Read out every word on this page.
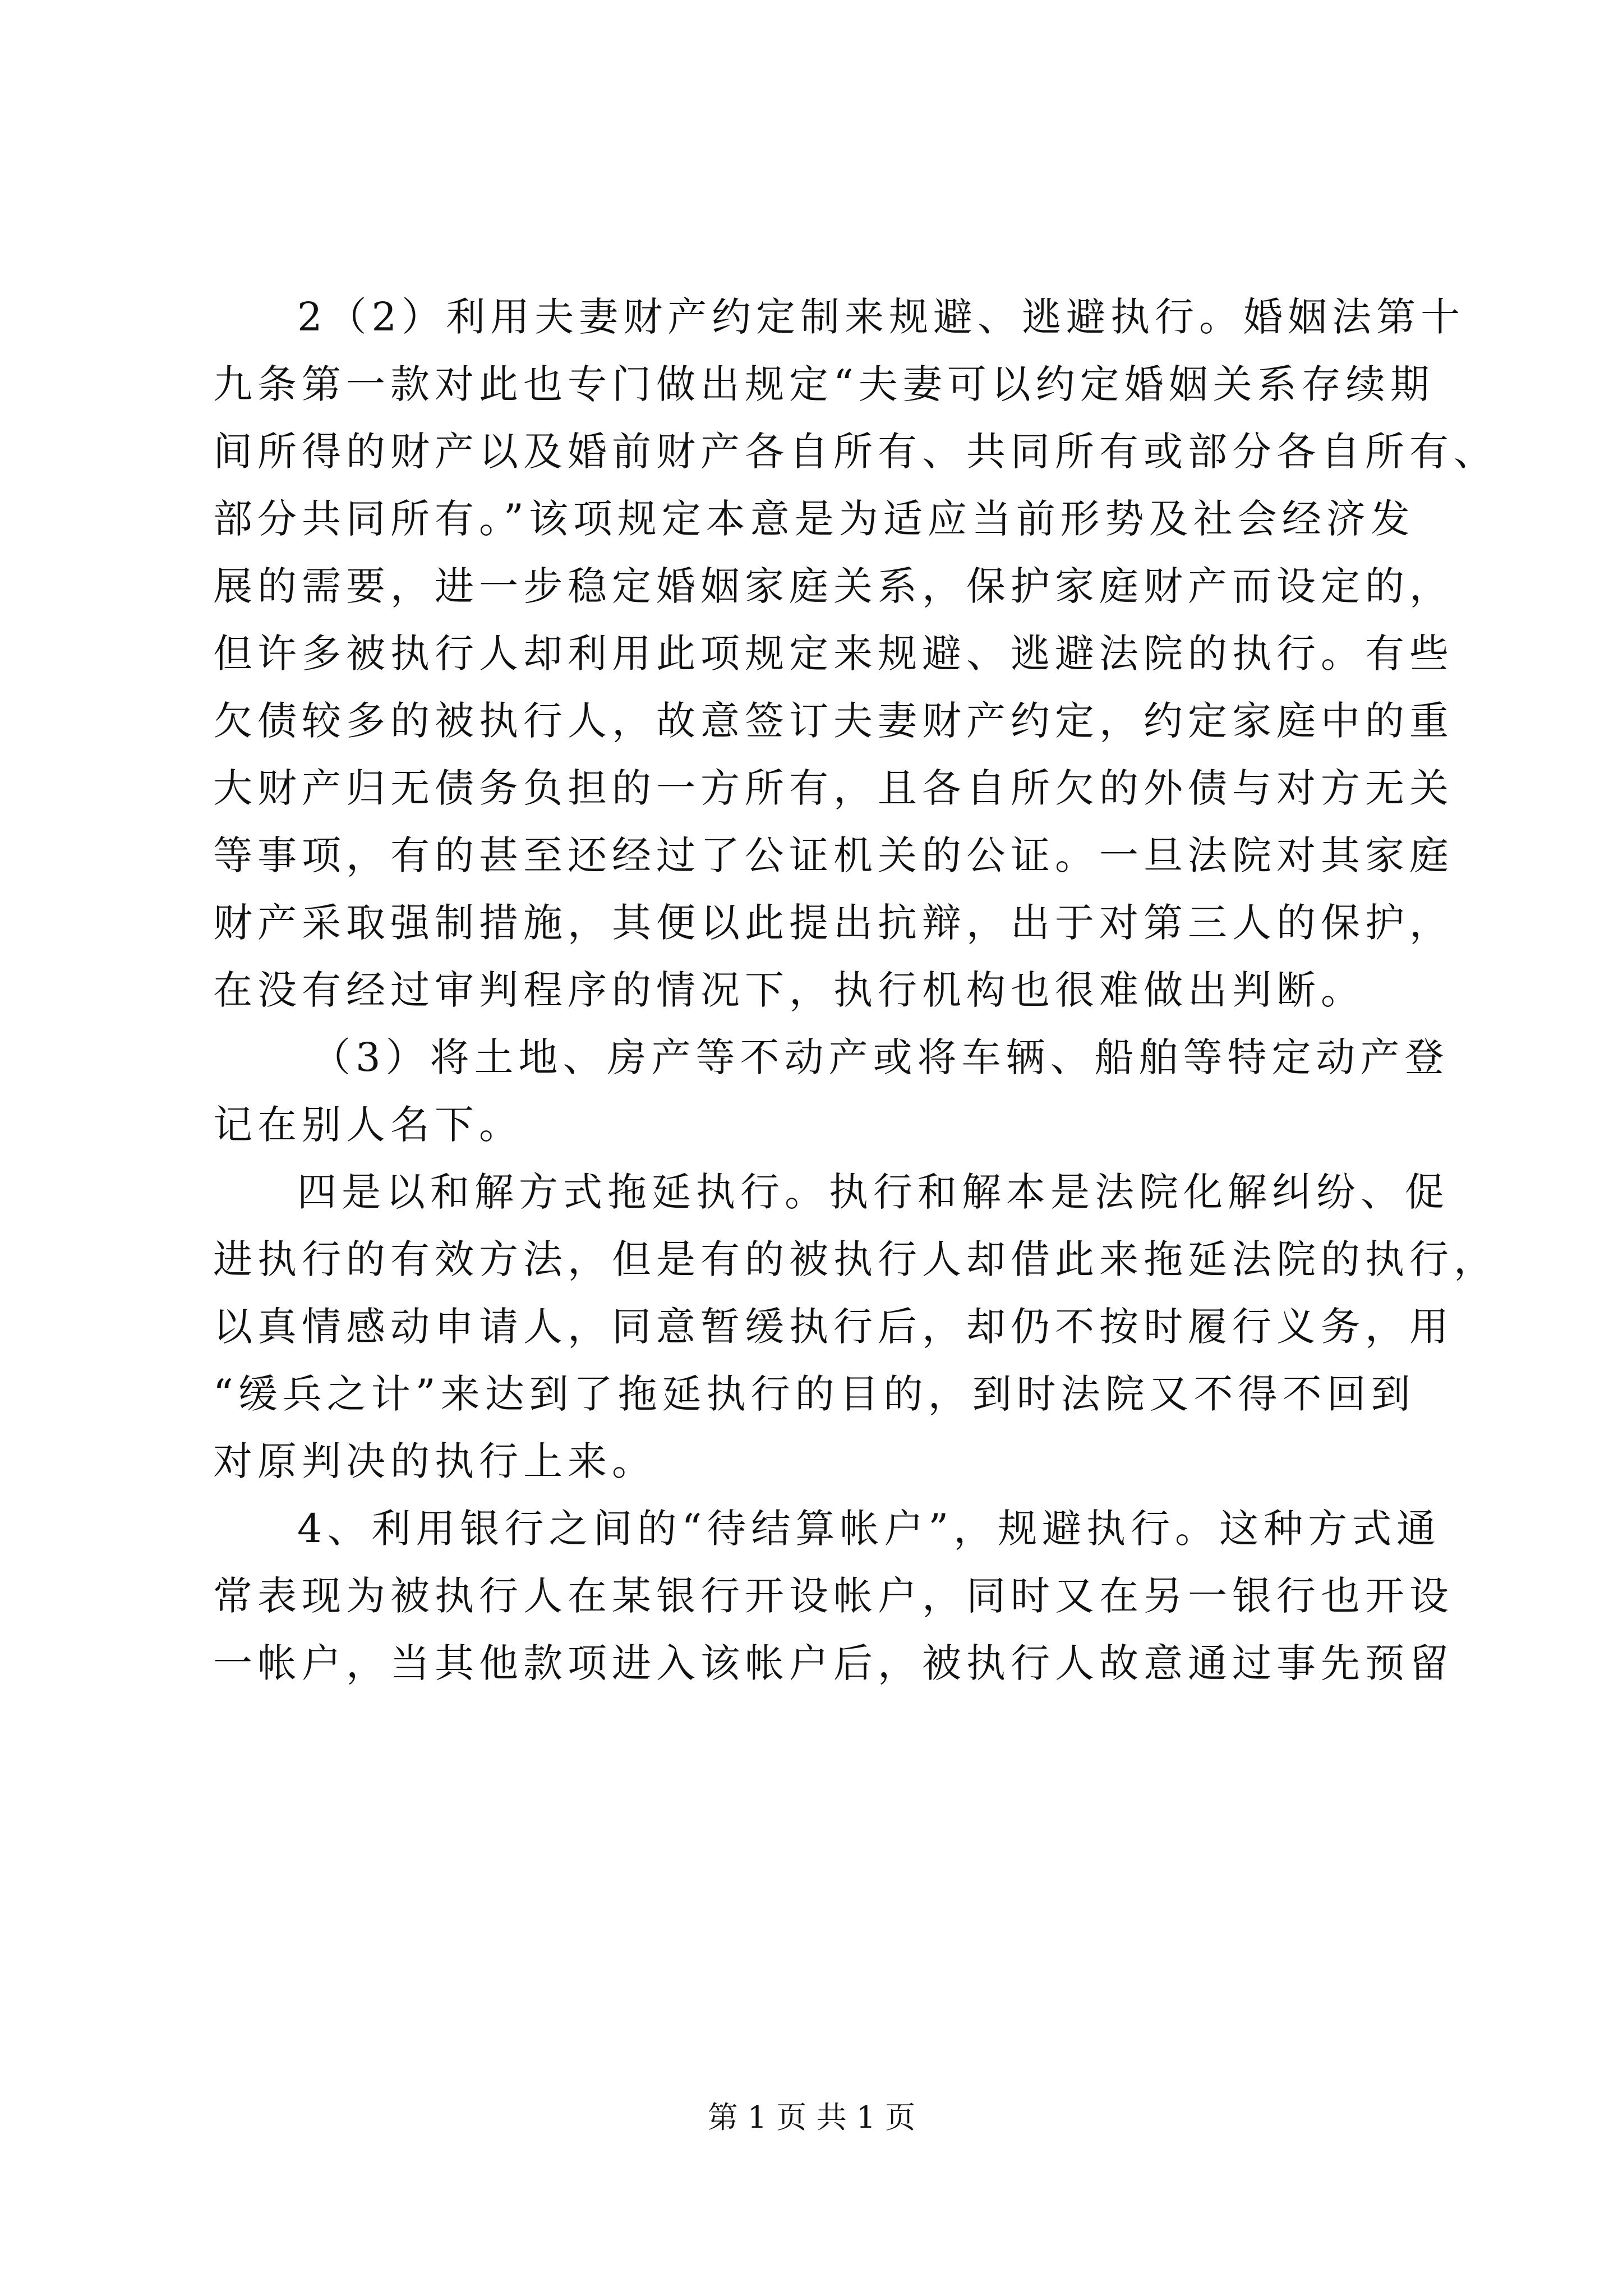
2（2）利用夫妻财产约定制来规避、逃避执行。婚姻法第十
九条第一款对此也专门做出规定“夫妻可以约定婚姻关系存续期
间所得的财产以及婚前财产各自所有、共同所有或部分各自所有、
部分共同所有。”该项规定本意是为适应当前形势及社会经济发
展的需要，进一步稳定婚姻家庭关系，保护家庭财产而设定的，
但许多被执行人却利用此项规定来规避、逃避法院的执行。有些
欠债较多的被执行人，故意签订夫妻财产约定，约定家庭中的重
大财产归无债务负担的一方所有，且各自所欠的外债与对方无关
等事项，有的甚至还经过了公证机关的公证。一旦法院对其家庭
财产采取强制措施，其便以此提出抗辩，出于对第三人的保护，
在没有经过审判程序的情况下，执行机构也很难做出判断。
（3）将土地、房产等不动产或将车辆、船舶等特定动产登
记在别人名下。
四是以和解方式拖延执行。执行和解本是法院化解纠纷、促
进执行的有效方法，但是有的被执行人却借此来拖延法院的执行，
以真情感动申请人，同意暂缓执行后，却仍不按时履行义务，用
“缓兵之计”来达到了拖延执行的目的，到时法院又不得不回到
对原判决的执行上来。
4、利用银行之间的“待结算帐户”，规避执行。这种方式通
常表现为被执行人在某银行开设帐户，同时又在另一银行也开设
一帐户，当其他款项进入该帐户后，被执行人故意通过事先预留
第 1 页 共 1 页
